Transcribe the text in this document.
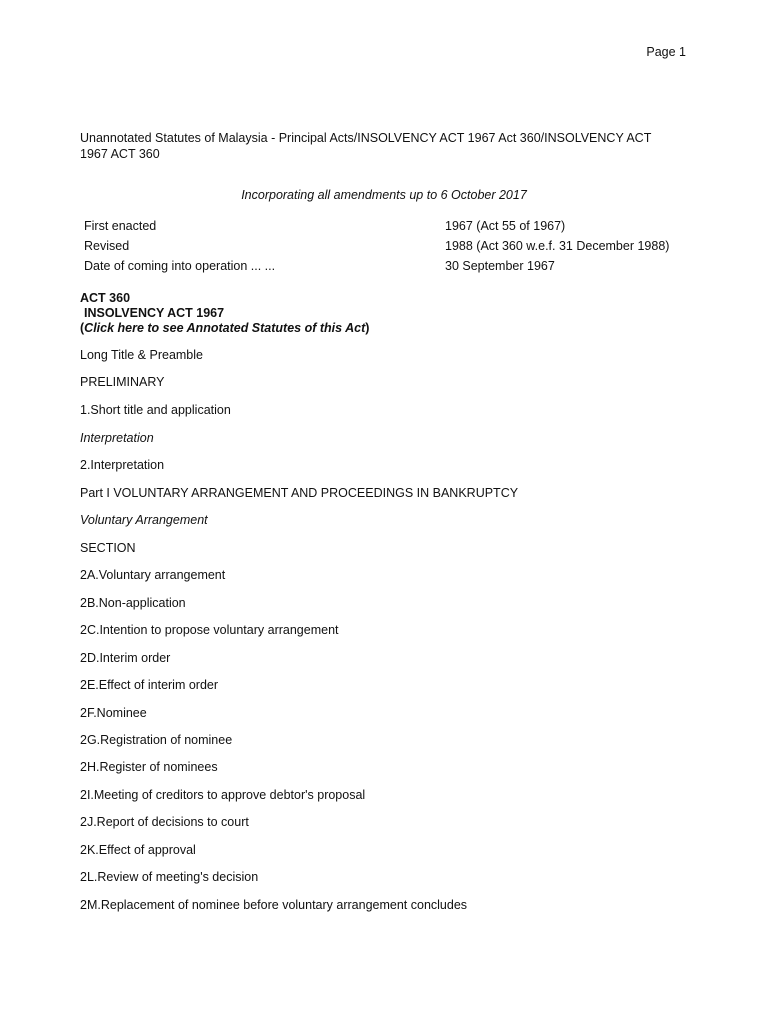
Page 1
Unannotated Statutes of Malaysia - Principal Acts/INSOLVENCY ACT 1967 Act 360/INSOLVENCY ACT 1967 ACT 360
Incorporating all amendments up to 6 October 2017
First enacted	1967 (Act 55 of 1967)
Revised	1988 (Act 360 w.e.f. 31 December 1988)
Date of coming into operation ... ...	30 September 1967
ACT 360
INSOLVENCY ACT 1967
(Click here to see Annotated Statutes of this Act)
Long Title & Preamble
PRELIMINARY
1.Short title and application
Interpretation
2.Interpretation
Part I VOLUNTARY ARRANGEMENT AND PROCEEDINGS IN BANKRUPTCY
Voluntary Arrangement
SECTION
2A.Voluntary arrangement
2B.Non-application
2C.Intention to propose voluntary arrangement
2D.Interim order
2E.Effect of interim order
2F.Nominee
2G.Registration of nominee
2H.Register of nominees
2I.Meeting of creditors to approve debtor's proposal
2J.Report of decisions to court
2K.Effect of approval
2L.Review of meeting's decision
2M.Replacement of nominee before voluntary arrangement concludes
